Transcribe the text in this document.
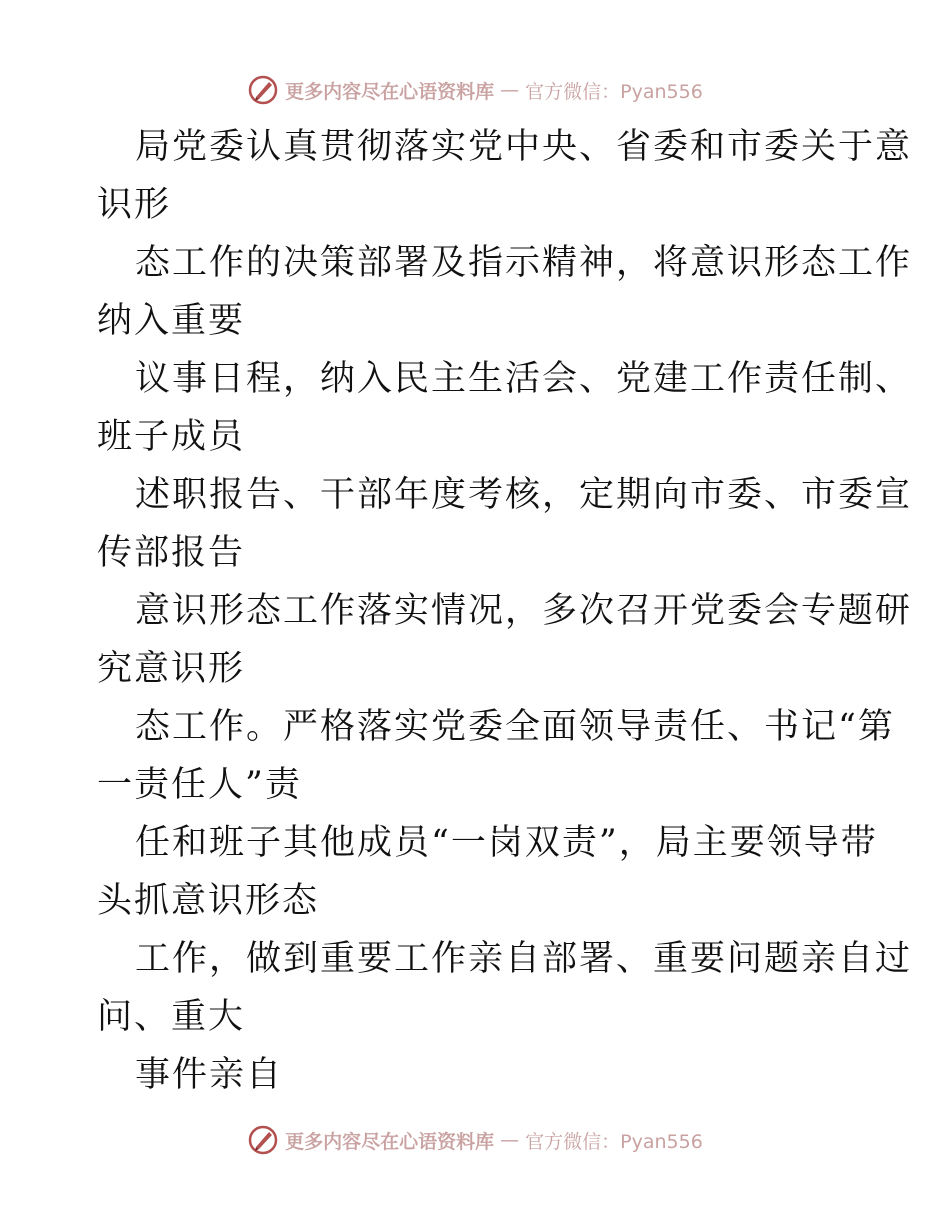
更多内容尽在心语资料库 — 官方微信：Pyan556
局党委认真贯彻落实党中央、省委和市委关于意
识形
态工作的决策部署及指示精神，将意识形态工作
纳入重要
议事日程，纳入民主生活会、党建工作责任制、
班子成员
述职报告、干部年度考核，定期向市委、市委宣
传部报告
意识形态工作落实情况，多次召开党委会专题研
究意识形
态工作。严格落实党委全面领导责任、书记“第
一责任人”责
任和班子其他成员“一岗双责”，局主要领导带
头抓意识形态
工作，做到重要工作亲自部署、重要问题亲自过
问、重大
事件亲自
更多内容尽在心语资料库 — 官方微信：Pyan556
